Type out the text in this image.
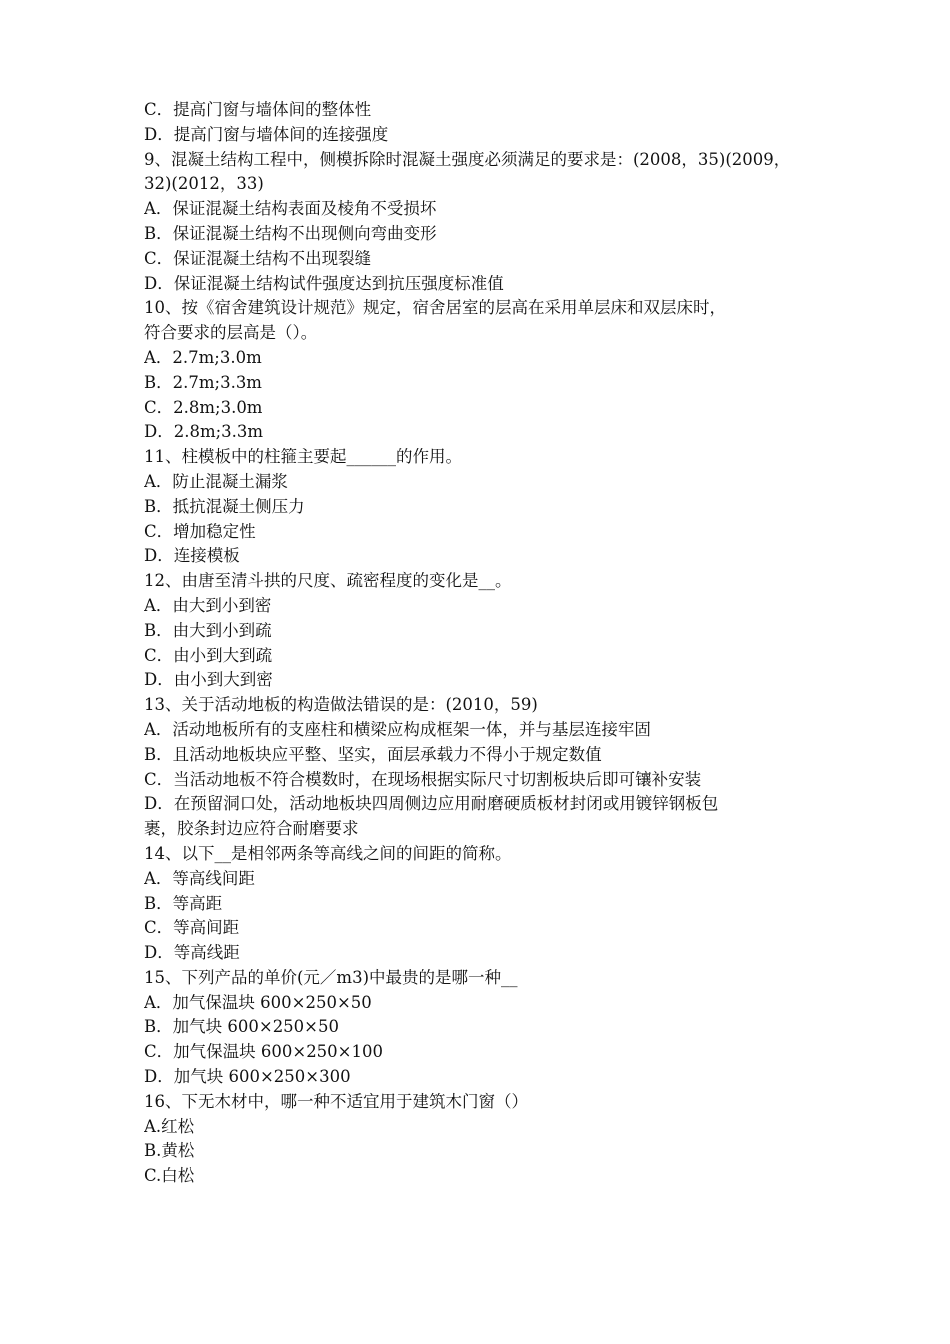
C．提高门窗与墙体间的整体性
D．提高门窗与墙体间的连接强度
9、混凝土结构工程中，侧模拆除时混凝土强度必须满足的要求是：(2008，35)(2009，
32)(2012，33)
A．保证混凝土结构表面及棱角不受损坏
B．保证混凝土结构不出现侧向弯曲变形
C．保证混凝土结构不出现裂缝
D．保证混凝土结构试件强度达到抗压强度标准值
10、按《宿舍建筑设计规范》规定，宿舍居室的层高在采用单层床和双层床时，
符合要求的层高是（）。
A．2.7m;3.0m
B．2.7m;3.3m
C．2.8m;3.0m
D．2.8m;3.3m
11、柱模板中的柱箍主要起______的作用。
A．防止混凝土漏浆
B．抵抗混凝土侧压力
C．增加稳定性
D．连接模板
12、由唐至清斗拱的尺度、疏密程度的变化是__。
A．由大到小到密
B．由大到小到疏
C．由小到大到疏
D．由小到大到密
13、关于活动地板的构造做法错误的是：(2010，59)
A．活动地板所有的支座柱和横梁应构成框架一体，并与基层连接牢固
B．且活动地板块应平整、坚实，面层承载力不得小于规定数值
C．当活动地板不符合模数时，在现场根据实际尺寸切割板块后即可镶补安装
D．在预留洞口处，活动地板块四周侧边应用耐磨硬质板材封闭或用镀锌钢板包
裹，胶条封边应符合耐磨要求
14、以下__是相邻两条等高线之间的间距的简称。
A．等高线间距
B．等高距
C．等高间距
D．等高线距
15、下列产品的单价(元／m3)中最贵的是哪一种__
A．加气保温块 600×250×50
B．加气块 600×250×50
C．加气保温块 600×250×100
D．加气块 600×250×300
16、下无木材中，哪一种不适宜用于建筑木门窗（）
A.红松
B.黄松
C.白松
